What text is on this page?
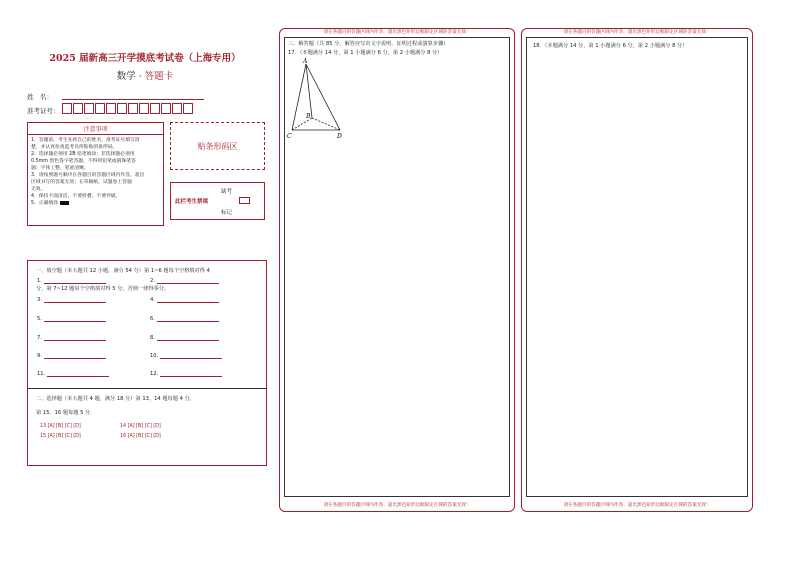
2025 届新高三开学摸底考试卷（上海专用）
数学 · 答题卡
姓　名：
准考证号：
注意事项
1．答题前，考生先将自己的姓名，准考证号填写清
楚，并认真检查监考员所粘贴的条形码。
2．选择题必须用 2B 铅笔填涂；非选择题必须用
0.5mm 黑色签字笔答题，不得用铅笔或圆珠笔答
题；字体工整、笔迹清晰。
3．请按照题号顺序在各题目的答题区域内作答，超出
区域书写的答案无效；在草稿纸、试题卷上答题
无效。
4．保持卡面清洁，不要折叠、不要弄破。
5．正确填涂
贴条形码区
缺考
此栏考生禁填
标记
一、填空题（本大题共 12 小题，满分 54 分）第 1~6 题每个空格填对得 4
分，第 7~12 题每个空格填对得 5 分，否则一律得零分。
1.	2.
3.	4.
5.	6.
7.	8.
9.	10.
11.	12.
二、选择题（本大题共 4 题，满分 18 分）第 13、14 题每题 4 分，
第 15、16 题每题 5 分.
13 [A] [B] [C] [D]	14 [A] [B] [C] [D]
15 [A] [B] [C] [D]	16 [A] [B] [C] [D]
请在各题目的答题区域内作答，超出黑色矩形边框限定区域的答案无效！
三、解答题（共 85 分，解答应写出文字说明、证明过程或演算步骤）
17．（本题满分 14 分，第 1 小题满分 6 分，第 2 小题满分 8 分）
A
B
C	D
请在各题目的答题区域内作答，超出黑色矩形边框限定区域的答案无效！
请在各题目的答题区域内作答，超出黑色矩形边框限定区域的答案无效！
18．（本题满分 14 分，第 1 小题满分 6 分，第 2 小题满分 8 分）
请在各题目的答题区域内作答，超出黑色矩形边框限定区域的答案无效！
